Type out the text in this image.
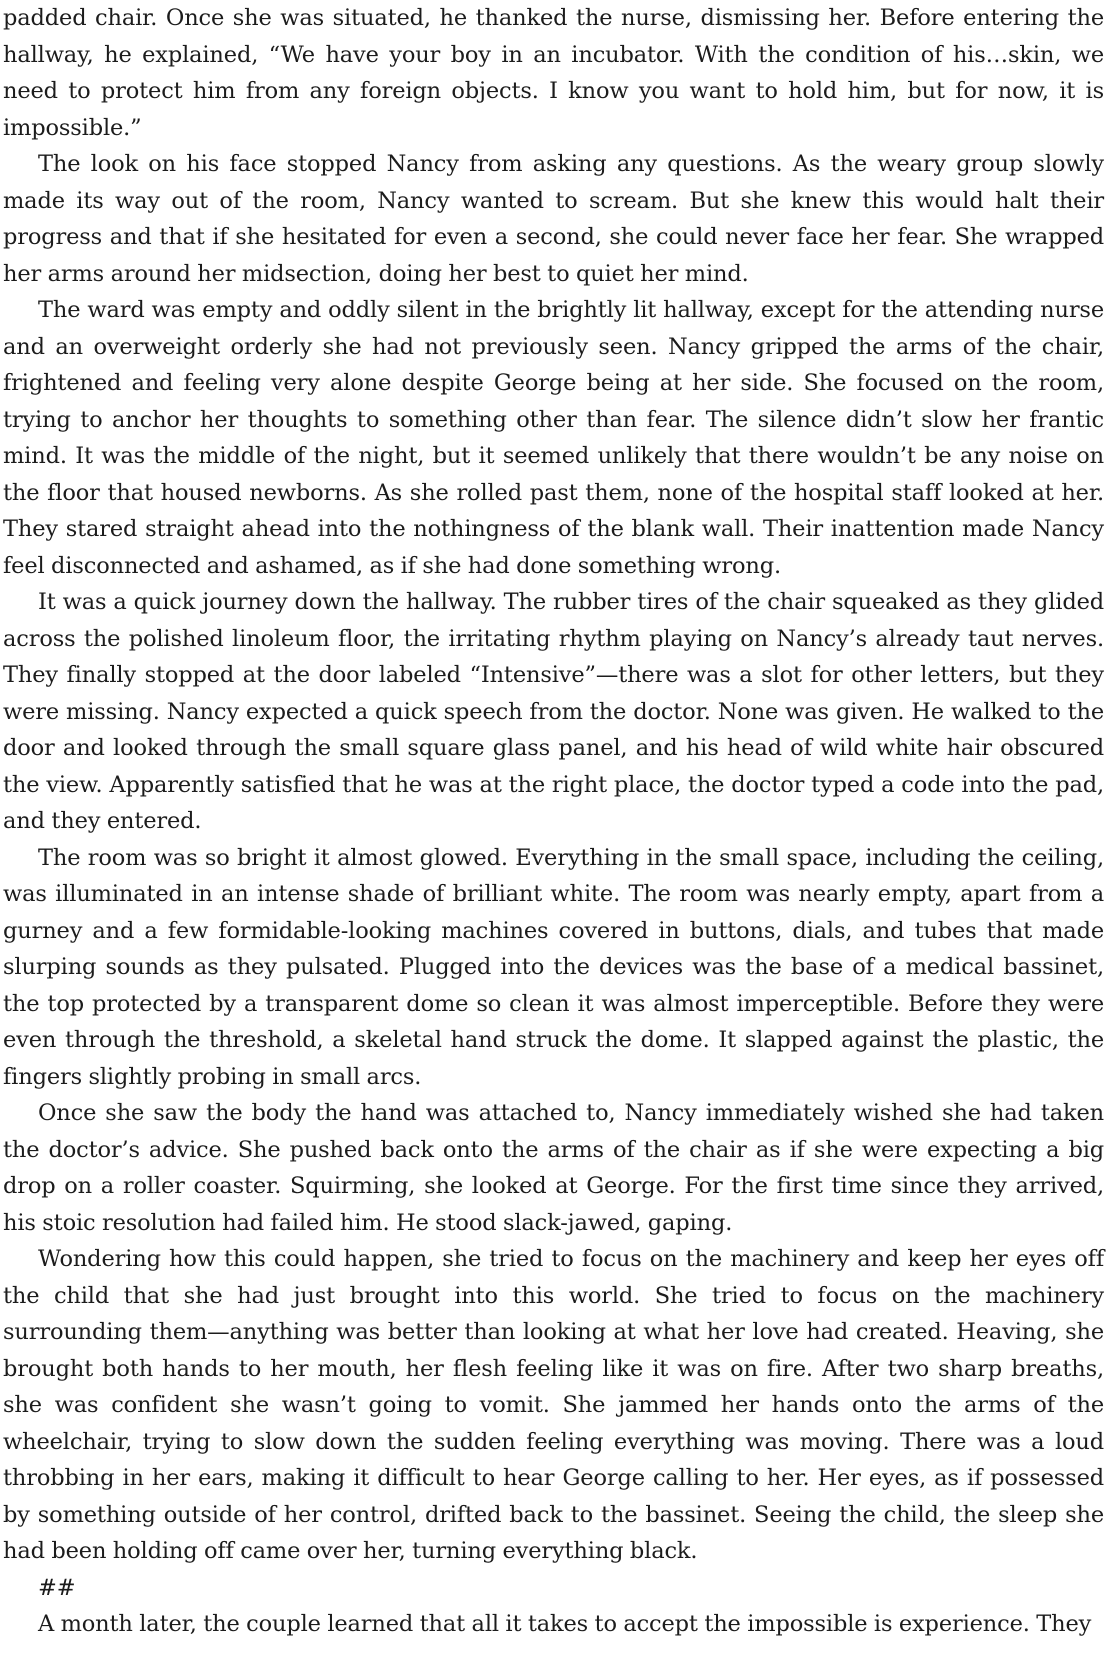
padded chair. Once she was situated, he thanked the nurse, dismissing her. Before entering the hallway, he explained, “We have your boy in an incubator. With the condition of his…skin, we need to protect him from any foreign objects. I know you want to hold him, but for now, it is impossible.”

The look on his face stopped Nancy from asking any questions. As the weary group slowly made its way out of the room, Nancy wanted to scream. But she knew this would halt their progress and that if she hesitated for even a second, she could never face her fear. She wrapped her arms around her midsection, doing her best to quiet her mind.

The ward was empty and oddly silent in the brightly lit hallway, except for the attending nurse and an overweight orderly she had not previously seen. Nancy gripped the arms of the chair, frightened and feeling very alone despite George being at her side. She focused on the room, trying to anchor her thoughts to something other than fear. The silence didn’t slow her frantic mind. It was the middle of the night, but it seemed unlikely that there wouldn’t be any noise on the floor that housed newborns. As she rolled past them, none of the hospital staff looked at her. They stared straight ahead into the nothingness of the blank wall. Their inattention made Nancy feel disconnected and ashamed, as if she had done something wrong.

It was a quick journey down the hallway. The rubber tires of the chair squeaked as they glided across the polished linoleum floor, the irritating rhythm playing on Nancy’s already taut nerves. They finally stopped at the door labeled “Intensive”—there was a slot for other letters, but they were missing. Nancy expected a quick speech from the doctor. None was given. He walked to the door and looked through the small square glass panel, and his head of wild white hair obscured the view. Apparently satisfied that he was at the right place, the doctor typed a code into the pad, and they entered.

The room was so bright it almost glowed. Everything in the small space, including the ceiling, was illuminated in an intense shade of brilliant white. The room was nearly empty, apart from a gurney and a few formidable-looking machines covered in buttons, dials, and tubes that made slurping sounds as they pulsated. Plugged into the devices was the base of a medical bassinet, the top protected by a transparent dome so clean it was almost imperceptible. Before they were even through the threshold, a skeletal hand struck the dome. It slapped against the plastic, the fingers slightly probing in small arcs.

Once she saw the body the hand was attached to, Nancy immediately wished she had taken the doctor’s advice. She pushed back onto the arms of the chair as if she were expecting a big drop on a roller coaster. Squirming, she looked at George. For the first time since they arrived, his stoic resolution had failed him. He stood slack-jawed, gaping.

Wondering how this could happen, she tried to focus on the machinery and keep her eyes off the child that she had just brought into this world. She tried to focus on the machinery surrounding them—anything was better than looking at what her love had created. Heaving, she brought both hands to her mouth, her flesh feeling like it was on fire. After two sharp breaths, she was confident she wasn’t going to vomit. She jammed her hands onto the arms of the wheelchair, trying to slow down the sudden feeling everything was moving. There was a loud throbbing in her ears, making it difficult to hear George calling to her. Her eyes, as if possessed by something outside of her control, drifted back to the bassinet. Seeing the child, the sleep she had been holding off came over her, turning everything black.

##

A month later, the couple learned that all it takes to accept the impossible is experience. They
